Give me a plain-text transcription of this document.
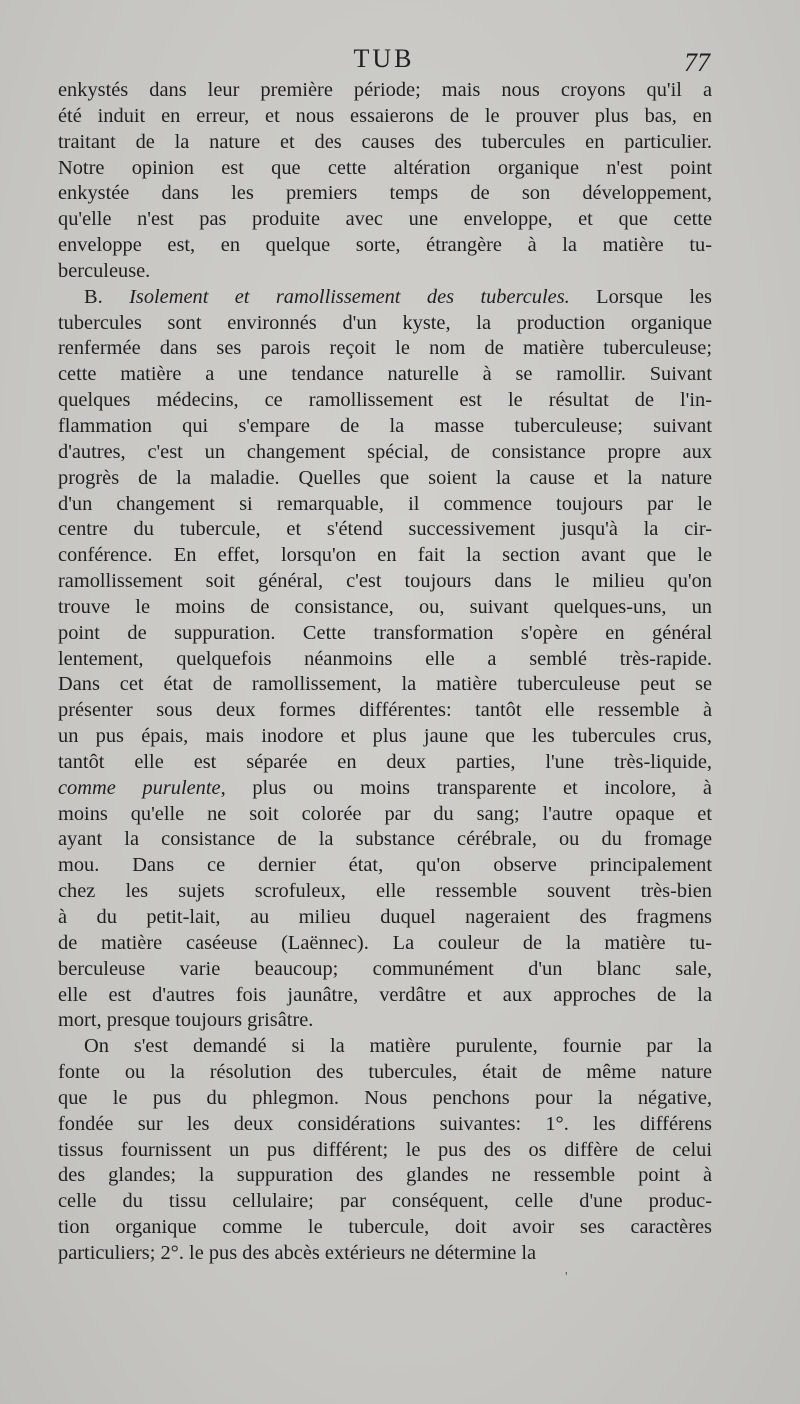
TUB	77
enkystés dans leur première période; mais nous croyons qu'il a
été induit en erreur, et nous essaierons de le prouver plus bas, en
traitant de la nature et des causes des tubercules en particulier.
Notre opinion est que cette altération organique n'est point
enkystée dans les premiers temps de son développement,
qu'elle n'est pas produite avec une enveloppe, et que cette
enveloppe est, en quelque sorte, étrangère à la matière tu-
berculeuse.
B. Isolement et ramollissement des tubercules. Lorsque les
tubercules sont environnés d'un kyste, la production organique
renfermée dans ses parois reçoit le nom de matière tuberculeuse;
cette matière a une tendance naturelle à se ramollir. Suivant
quelques médecins, ce ramollissement est le résultat de l'in-
flammation qui s'empare de la masse tuberculeuse; suivant
d'autres, c'est un changement spécial, de consistance propre aux
progrès de la maladie. Quelles que soient la cause et la nature
d'un changement si remarquable, il commence toujours par le
centre du tubercule, et s'étend successivement jusqu'à la cir-
conférence. En effet, lorsqu'on en fait la section avant que le
ramollissement soit général, c'est toujours dans le milieu qu'on
trouve le moins de consistance, ou, suivant quelques-uns, un
point de suppuration. Cette transformation s'opère en général
lentement, quelquefois néanmoins elle a semblé très-rapide.
Dans cet état de ramollissement, la matière tuberculeuse peut se
présenter sous deux formes différentes: tantôt elle ressemble à
un pus épais, mais inodore et plus jaune que les tubercules crus,
tantôt elle est séparée en deux parties, l'une très-liquide,
comme purulente, plus ou moins transparente et incolore, à
moins qu'elle ne soit colorée par du sang; l'autre opaque et
ayant la consistance de la substance cérébrale, ou du fromage
mou. Dans ce dernier état, qu'on observe principalement
chez les sujets scrofuleux, elle ressemble souvent très-bien
à du petit-lait, au milieu duquel nageraient des fragmens
de matière caséeuse (Laënnec). La couleur de la matière tu-
berculeuse varie beaucoup; communément d'un blanc sale,
elle est d'autres fois jaunâtre, verdâtre et aux approches de la
mort, presque toujours grisâtre.
On s'est demandé si la matière purulente, fournie par la
fonte ou la résolution des tubercules, était de même nature
que le pus du phlegmon. Nous penchons pour la négative,
fondée sur les deux considérations suivantes: 1°. les différens
tissus fournissent un pus différent; le pus des os diffère de celui
des glandes; la suppuration des glandes ne ressemble point à
celle du tissu cellulaire; par conséquent, celle d'une produc-
tion organique comme le tubercule, doit avoir ses caractères
particuliers; 2°. le pus des abcès extérieurs ne détermine la
'
